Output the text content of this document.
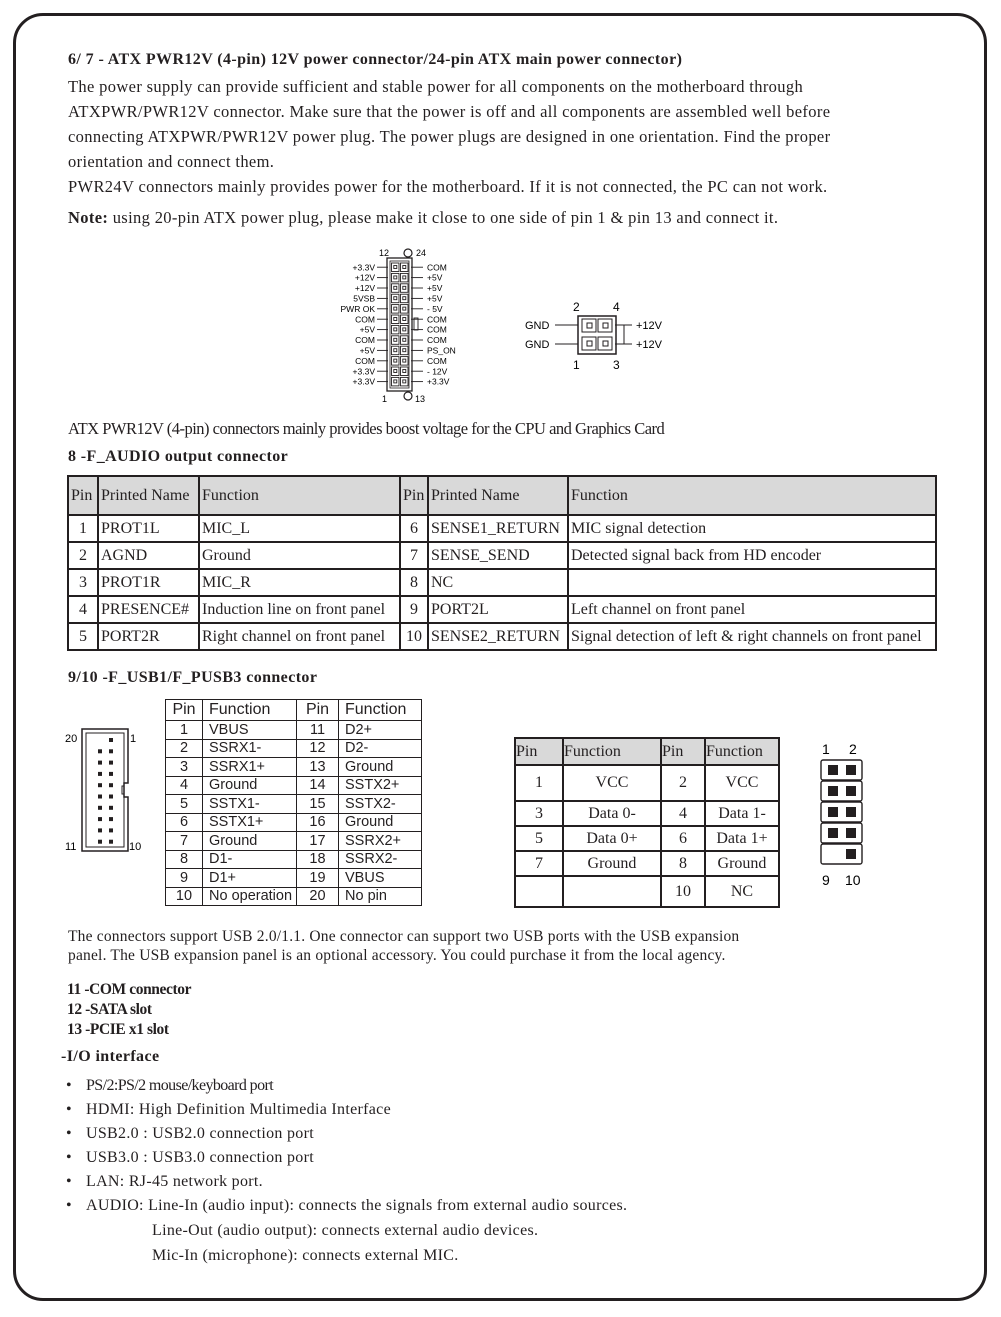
6/ 7 - ATX PWR12V (4-pin) 12V power connector/24-pin ATX main power connector)
The power supply can provide sufficient and stable power for all components on the motherboard through
ATXPWR/PWR12V connector. Make sure that the power is off and all components are assembled well before
connecting ATXPWR/PWR12V power plug. The power plugs are designed in one orientation. Find the proper
orientation and connect them.
PWR24V connectors mainly provides power for the motherboard. If it is not connected, the PC can not work.
Note: using 20-pin ATX power plug, please make it close to one side of pin 1 & pin 13 and connect it.
12	24
1	13
+3.3V
+12V
+12V
5VSB
PWR OK
COM
+5V
COM
+5V
COM
+3.3V
+3.3V
COM
+5V
+5V
+5V
- 5V
COM
COM
COM
PS_ON
COM
- 12V
+3.3V
2	4
GND
GND
+12V
+12V
1	3
ATX PWR12V (4-pin) connectors mainly provides boost voltage for the CPU and Graphics Card
8 -F_AUDIO output connector
Pin	Printed Name	Function	Pin	Printed Name	Function
1	PROT1L	MIC_L	6	SENSE1_RETURN	MIC signal detection
2	AGND	Ground	7	SENSE_SEND	Detected signal back from HD encoder
3	PROT1R	MIC_R	8	NC	
4	PRESENCE#	Induction line on front panel	9	PORT2L	Left channel on front panel
5	PORT2R	Right channel on front panel	10	SENSE2_RETURN	Signal detection of left & right channels on front panel
9/10 -F_USB1/F_PUSB3 connector
20	1
11	10
Pin	Function	Pin	Function
1	VBUS	11	D2+
2	SSRX1-	12	D2-
3	SSRX1+	13	Ground
4	Ground	14	SSTX2+
5	SSTX1-	15	SSTX2-
6	SSTX1+	16	Ground
7	Ground	17	SSRX2+
8	D1-	18	SSRX2-
9	D1+	19	VBUS
10	No operation	20	No pin
Pin	Function	Pin	Function
1	VCC	2	VCC
3	Data 0-	4	Data 1-
5	Data 0+	6	Data 1+
7	Ground	8	Ground
		10	NC
1 2
9 10
The connectors support USB 2.0/1.1. One connector can support two USB ports with the USB expansion
panel. The USB expansion panel is an optional accessory. You could purchase it from the local agency.
11 -COM connector
12 -SATA slot
13 -PCIE x1 slot
-I/O interface
• PS/2:PS/2 mouse/keyboard port
• HDMI: High Definition Multimedia Interface
• USB2.0 : USB2.0 connection port
• USB3.0 : USB3.0 connection port
• LAN: RJ-45 network port.
• AUDIO: Line-In (audio input): connects the signals from external audio sources.
Line-Out (audio output): connects external audio devices.
Mic-In (microphone): connects external MIC.
